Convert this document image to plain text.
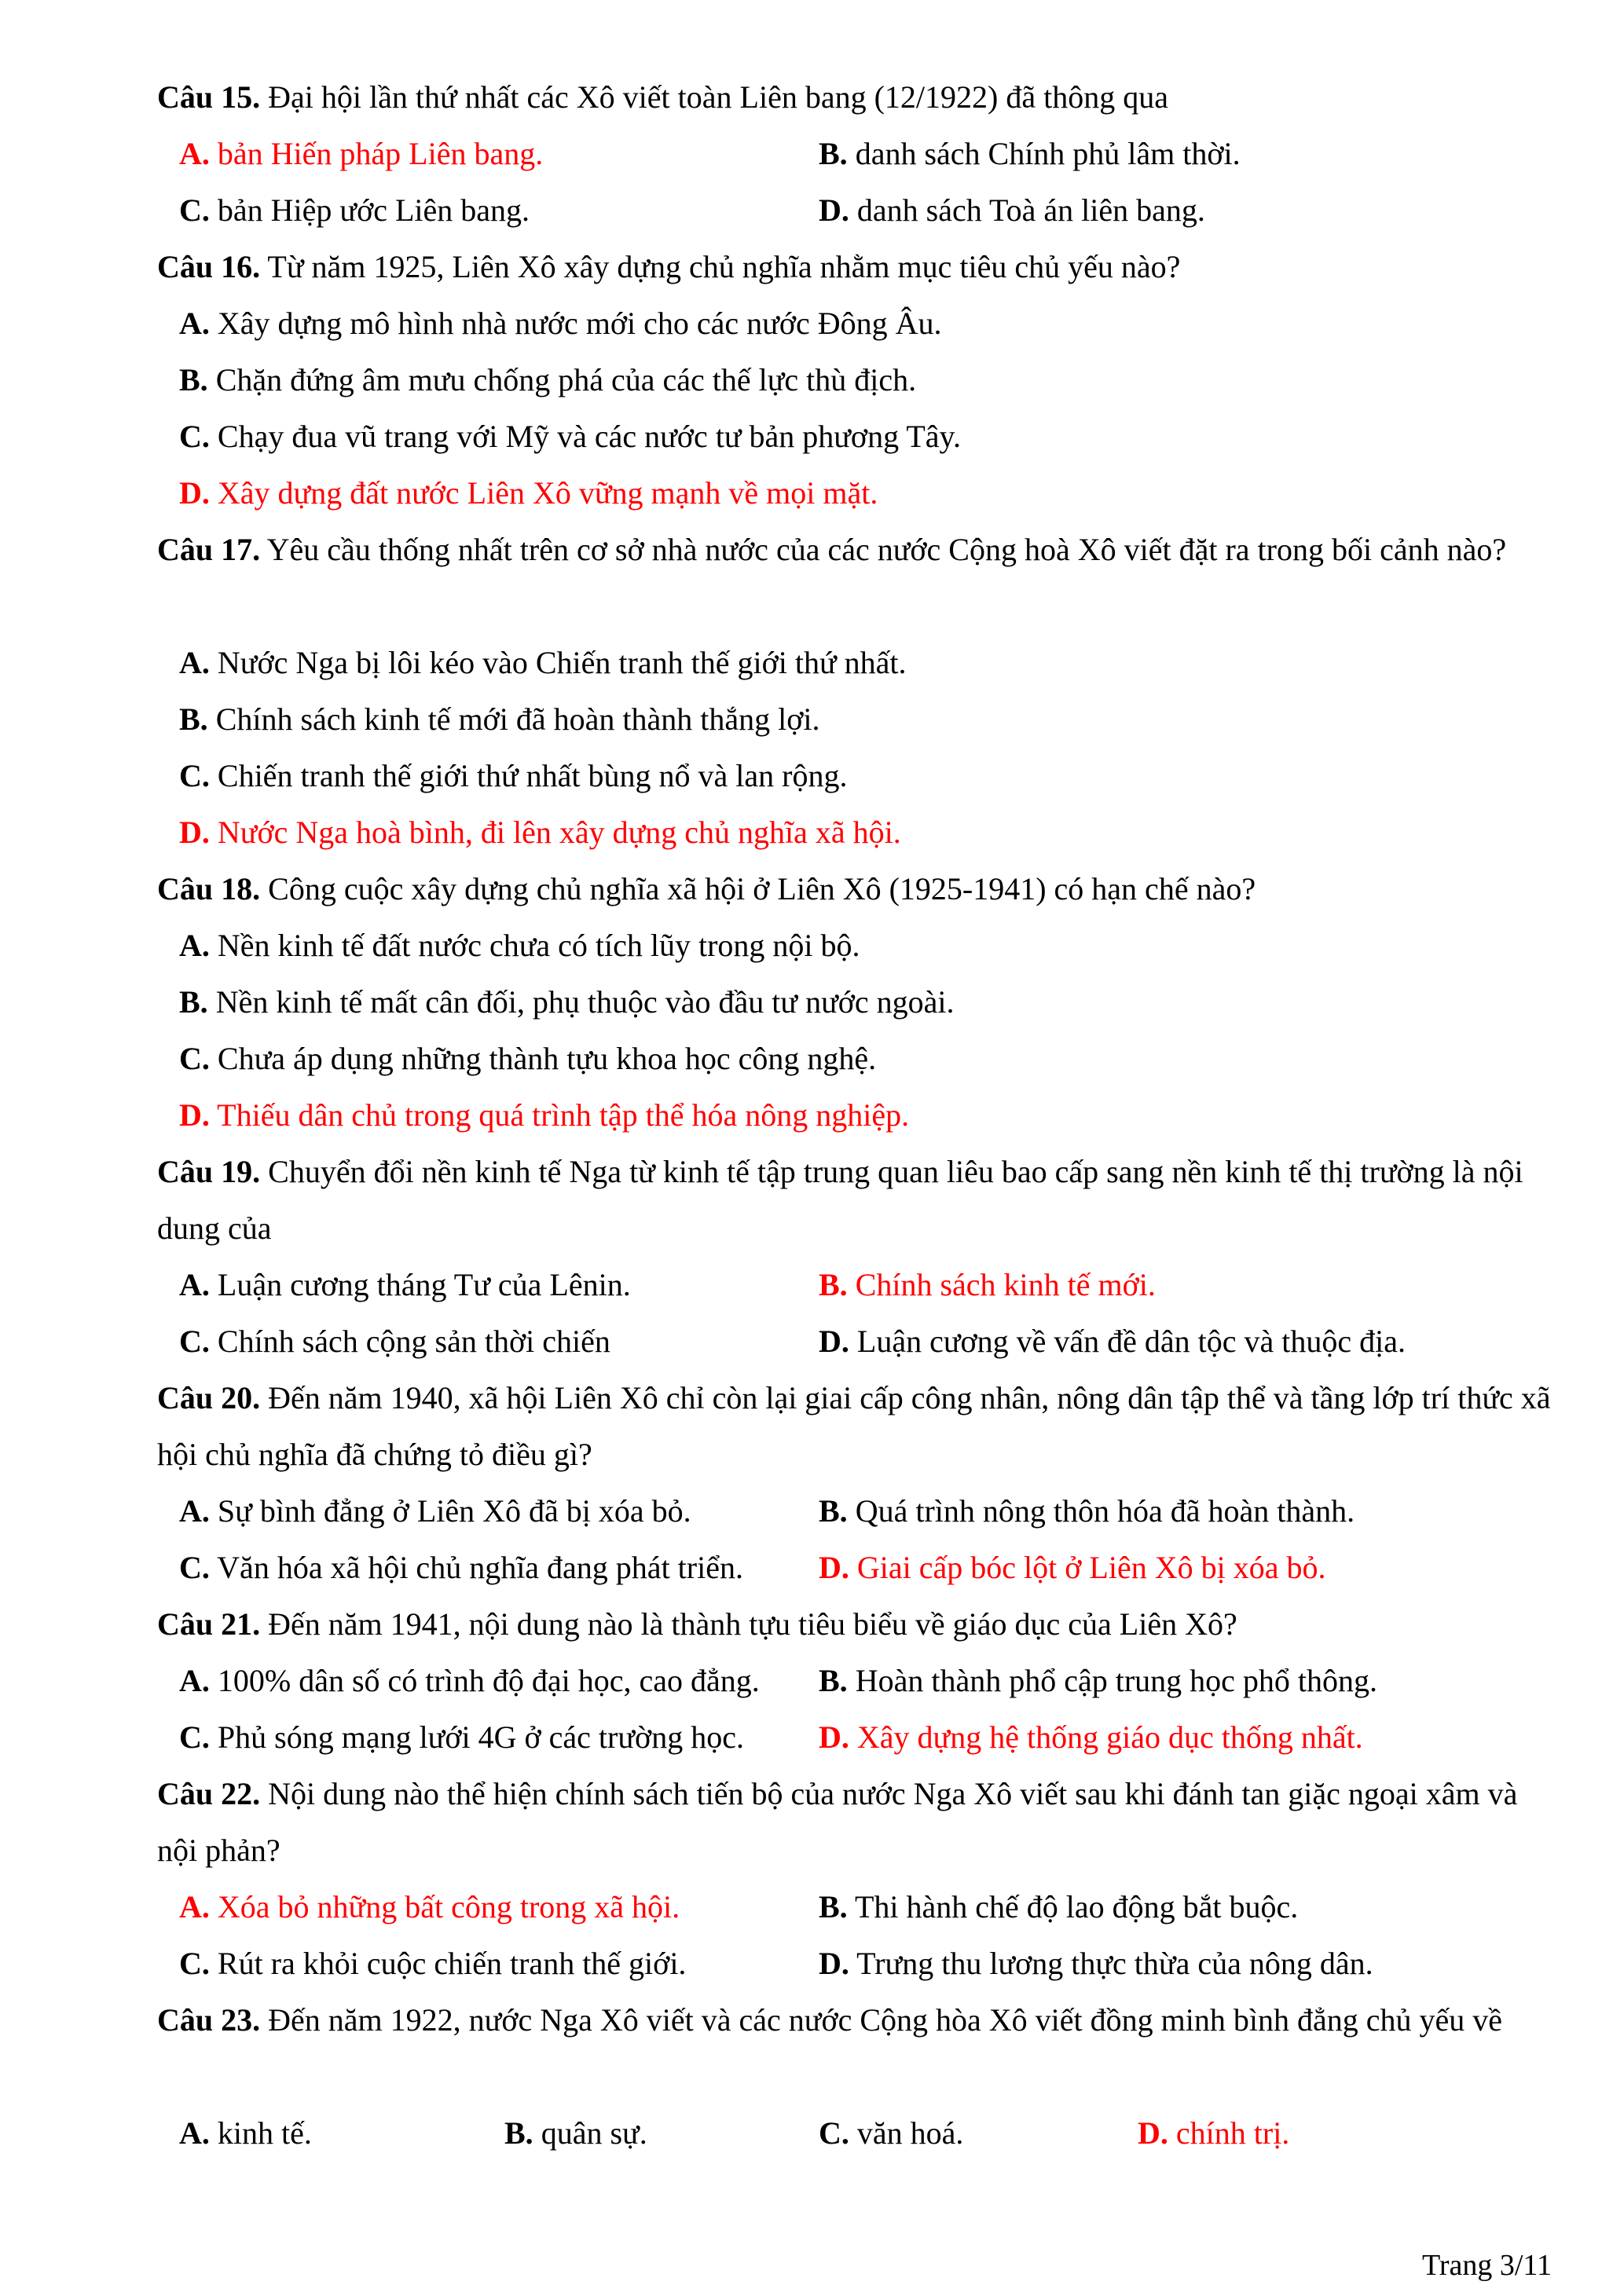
Câu 15. Đại hội lần thứ nhất các Xô viết toàn Liên bang (12/1922) đã thông qua

A. bản Hiến pháp Liên bang.	B. danh sách Chính phủ lâm thời.
C. bản Hiệp ước Liên bang.	D. danh sách Toà án liên bang.

Câu 16. Từ năm 1925, Liên Xô xây dựng chủ nghĩa nhằm mục tiêu chủ yếu nào?

A. Xây dựng mô hình nhà nước mới cho các nước Đông Âu.
B. Chặn đứng âm mưu chống phá của các thế lực thù địch.
C. Chạy đua vũ trang với Mỹ và các nước tư bản phương Tây.
D. Xây dựng đất nước Liên Xô vững mạnh về mọi mặt.

Câu 17. Yêu cầu thống nhất trên cơ sở nhà nước của các nước Cộng hoà Xô viết đặt ra trong bối cảnh nào?

A. Nước Nga bị lôi kéo vào Chiến tranh thế giới thứ nhất.
B. Chính sách kinh tế mới đã hoàn thành thắng lợi.
C. Chiến tranh thế giới thứ nhất bùng nổ và lan rộng.
D. Nước Nga hoà bình, đi lên xây dựng chủ nghĩa xã hội.

Câu 18. Công cuộc xây dựng chủ nghĩa xã hội ở Liên Xô (1925-1941) có hạn chế nào?

A. Nền kinh tế đất nước chưa có tích lũy trong nội bộ.
B. Nền kinh tế mất cân đối, phụ thuộc vào đầu tư nước ngoài.
C. Chưa áp dụng những thành tựu khoa học công nghệ.
D. Thiếu dân chủ trong quá trình tập thể hóa nông nghiệp.

Câu 19. Chuyển đổi nền kinh tế Nga từ kinh tế tập trung quan liêu bao cấp sang nền kinh tế thị trường là nội dung của

A. Luận cương tháng Tư của Lênin.	B. Chính sách kinh tế mới.
C. Chính sách cộng sản thời chiến	D. Luận cương về vấn đề dân tộc và thuộc địa.

Câu 20. Đến năm 1940, xã hội Liên Xô chỉ còn lại giai cấp công nhân, nông dân tập thể và tầng lớp trí thức xã hội chủ nghĩa đã chứng tỏ điều gì?

A. Sự bình đẳng ở Liên Xô đã bị xóa bỏ.	B. Quá trình nông thôn hóa đã hoàn thành.
C. Văn hóa xã hội chủ nghĩa đang phát triển. D. Giai cấp bóc lột ở Liên Xô bị xóa bỏ.

Câu 21. Đến năm 1941, nội dung nào là thành tựu tiêu biểu về giáo dục của Liên Xô?

A. 100% dân số có trình độ đại học, cao đẳng. B. Hoàn thành phổ cập trung học phổ thông.
C. Phủ sóng mạng lưới 4G ở các trường học. D. Xây dựng hệ thống giáo dục thống nhất.

Câu 22. Nội dung nào thể hiện chính sách tiến bộ của nước Nga Xô viết sau khi đánh tan giặc ngoại xâm và nội phản?

A. Xóa bỏ những bất công trong xã hội.	B. Thi hành chế độ lao động bắt buộc.
C. Rút ra khỏi cuộc chiến tranh thế giới.	D. Trưng thu lương thực thừa của nông dân.

Câu 23. Đến năm 1922, nước Nga Xô viết và các nước Cộng hòa Xô viết đồng minh bình đẳng chủ yếu về

A. kinh tế.	B. quân sự.	C. văn hoá.	D. chính trị.
Trang 3/11
